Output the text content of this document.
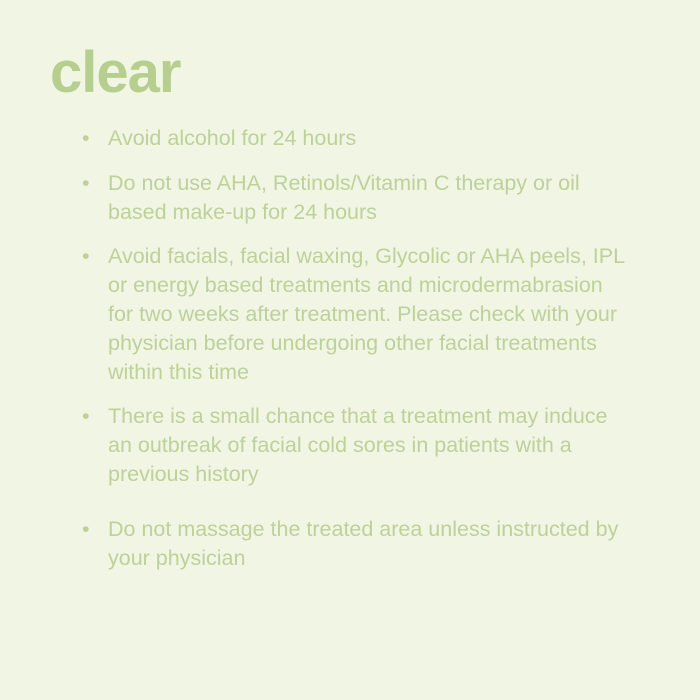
clear
• Avoid alcohol for 24 hours
• Do not use AHA, Retinols/Vitamin C therapy or oil based make-up for 24 hours
• Avoid facials, facial waxing, Glycolic or AHA peels, IPL or energy based treatments and microdermabrasion for two weeks after treatment. Please check with your physician before undergoing other facial treatments within this time
• There is a small chance that a treatment may induce an outbreak of facial cold sores in patients with a previous history
• Do not massage the treated area unless instructed by your physician
